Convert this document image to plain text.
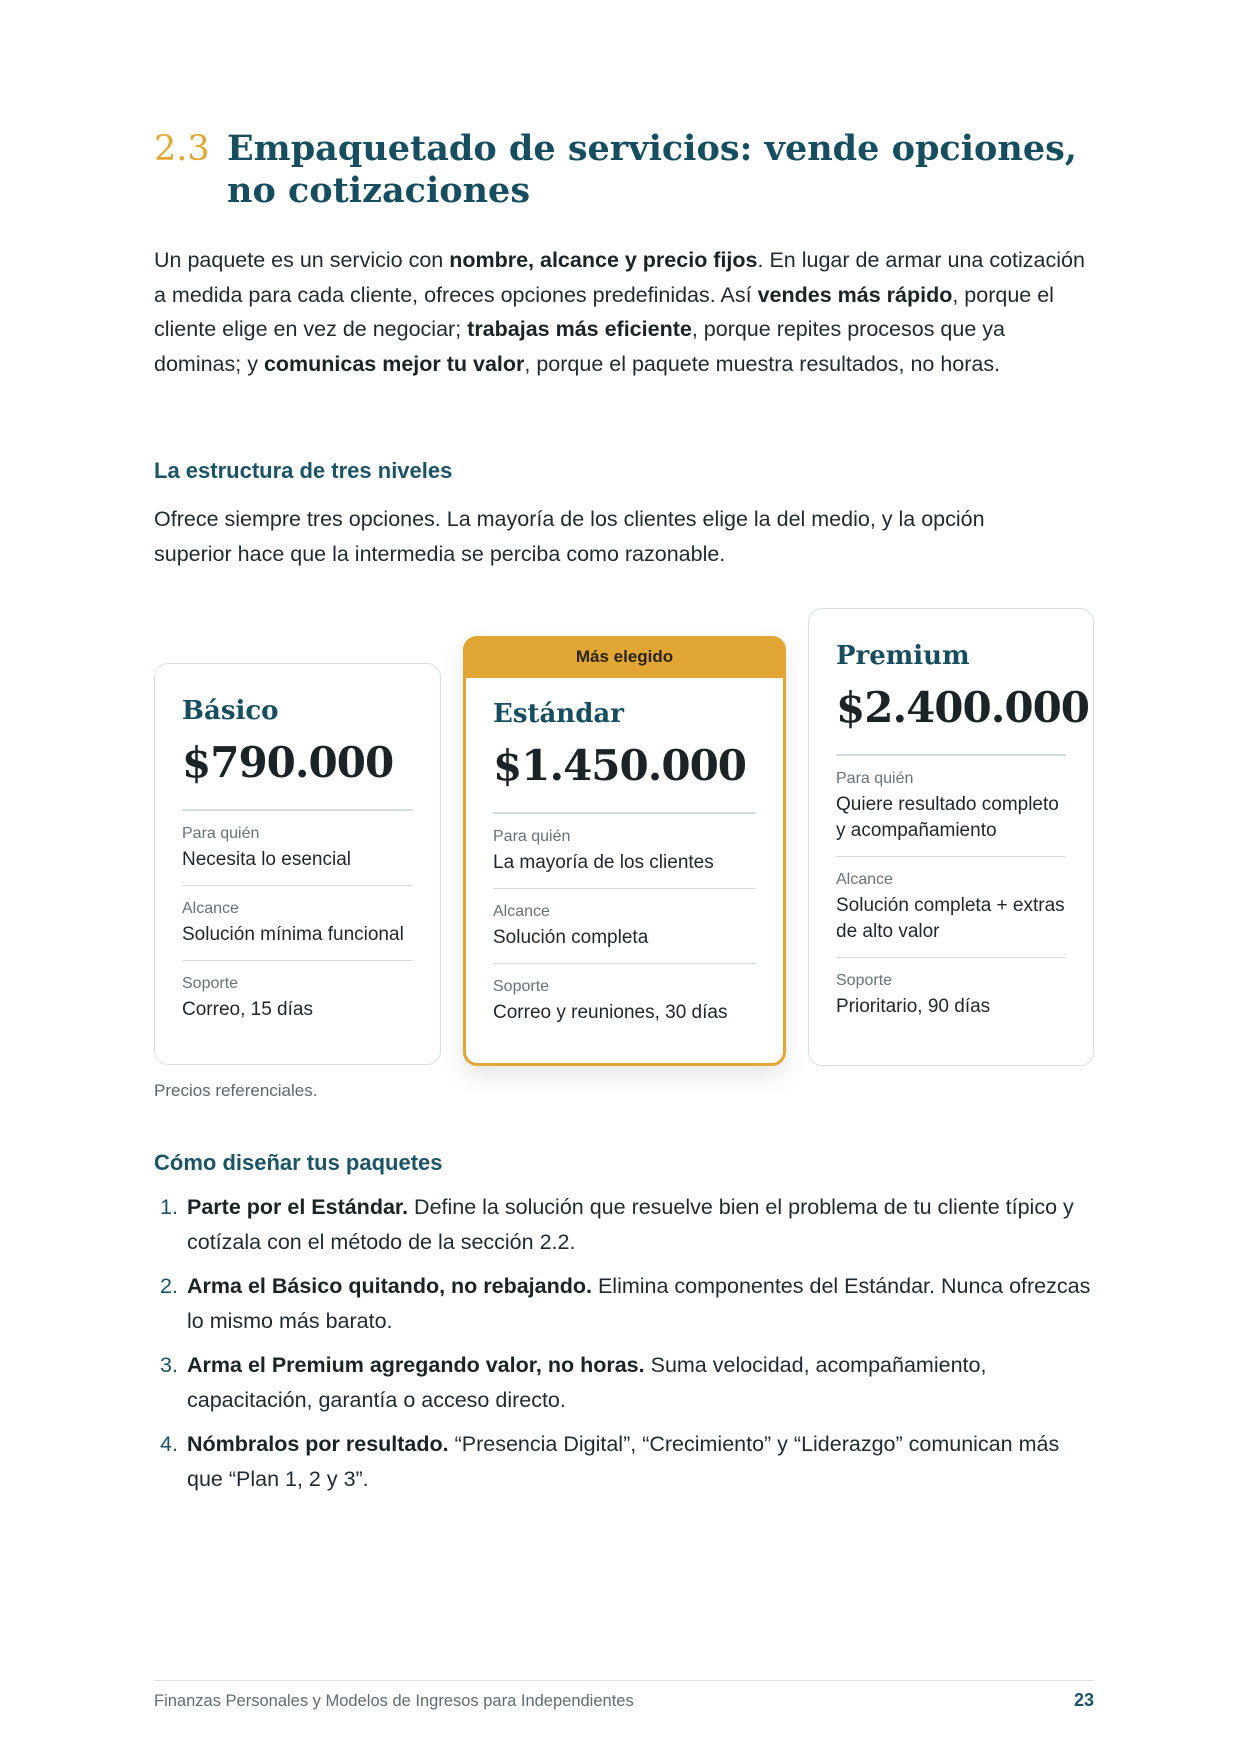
2.3 Empaquetado de servicios: vende opciones, no cotizaciones

Un paquete es un servicio con nombre, alcance y precio fijos. En lugar de armar una cotización a medida para cada cliente, ofreces opciones predefinidas. Así vendes más rápido, porque el cliente elige en vez de negociar; trabajas más eficiente, porque repites procesos que ya dominas; y comunicas mejor tu valor, porque el paquete muestra resultados, no horas.

La estructura de tres niveles

Ofrece siempre tres opciones. La mayoría de los clientes elige la del medio, y la opción superior hace que la intermedia se perciba como razonable.

Básico
$790.000
Para quién
Necesita lo esencial
Alcance
Solución mínima funcional
Soporte
Correo, 15 días
Más elegido
Estándar
$1.450.000
Para quién
La mayoría de los clientes
Alcance
Solución completa
Soporte
Correo y reuniones, 30 días
Premium
$2.400.000
Para quién
Quiere resultado completo y acompañamiento
Alcance
Solución completa + extras de alto valor
Soporte
Prioritario, 90 días
Precios referenciales.
Cómo diseñar tus paquetes
1. Parte por el Estándar. Define la solución que resuelve bien el problema de tu cliente típico y cotízala con el método de la sección 2.2.
2. Arma el Básico quitando, no rebajando. Elimina componentes del Estándar. Nunca ofrezcas lo mismo más barato.
3. Arma el Premium agregando valor, no horas. Suma velocidad, acompañamiento, capacitación, garantía o acceso directo.
4. Nómbralos por resultado. “Presencia Digital”, “Crecimiento” y “Liderazgo” comunican más que “Plan 1, 2 y 3”.
Finanzas Personales y Modelos de Ingresos para Independientes	23
